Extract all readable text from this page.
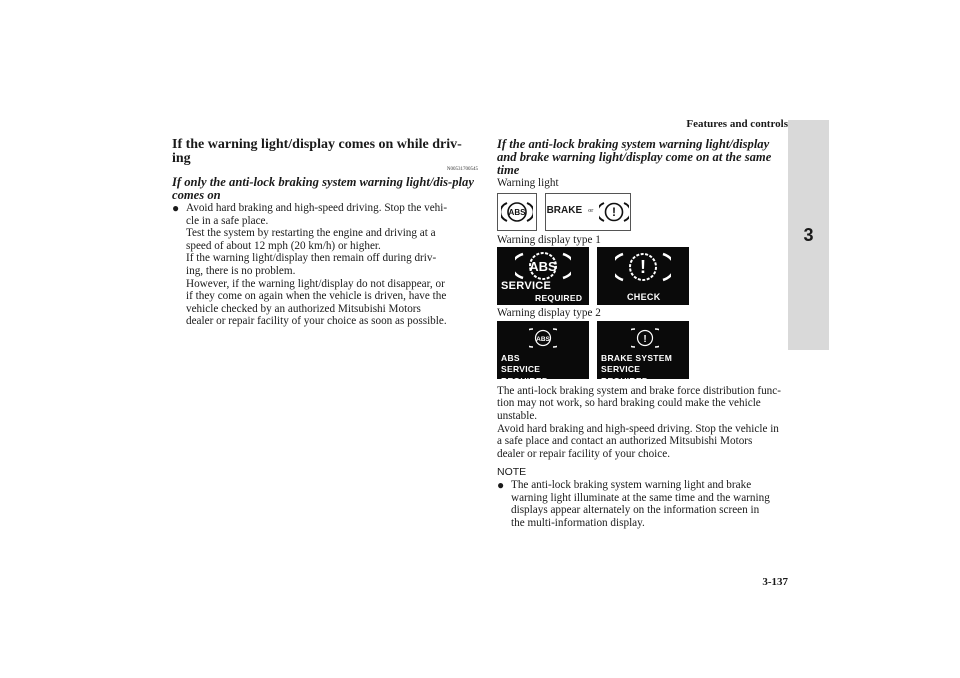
Features and controls
3
3-137
If the warning light/display comes on while driv-ing
N00531700545
If only the anti-lock braking system warning light/dis-play comes on
● Avoid hard braking and high-speed driving. Stop the vehi-

cle in a safe place.

Test the system by restarting the engine and driving at a

speed of about 12 mph (20 km/h) or higher.

If the warning light/display then remain off during driv-

ing, there is no problem.

However, if the warning light/display do not disappear, or

if they come on again when the vehicle is driven, have the

vehicle checked by an authorized Mitsubishi Motors

dealer or repair facility of your choice as soon as possible.

If the anti-lock braking system warning light/display and brake warning light/display come on at the same time

Warning light

ABS BRAKE or !

Warning display type 1

ABS
SERVICE
REQUIRED
!
CHECK

Warning display type 2

ABS
ABS
SERVICE REQUIRED
!
BRAKE SYSTEM
SERVICE REQUIRED

The anti-lock braking system and brake force distribution func-

tion may not work, so hard braking could make the vehicle

unstable.

Avoid hard braking and high-speed driving. Stop the vehicle in

a safe place and contact an authorized Mitsubishi Motors

dealer or repair facility of your choice.

NOTE
● The anti-lock braking system warning light and brake

warning light illuminate at the same time and the warning

displays appear alternately on the information screen in

the multi-information display.
